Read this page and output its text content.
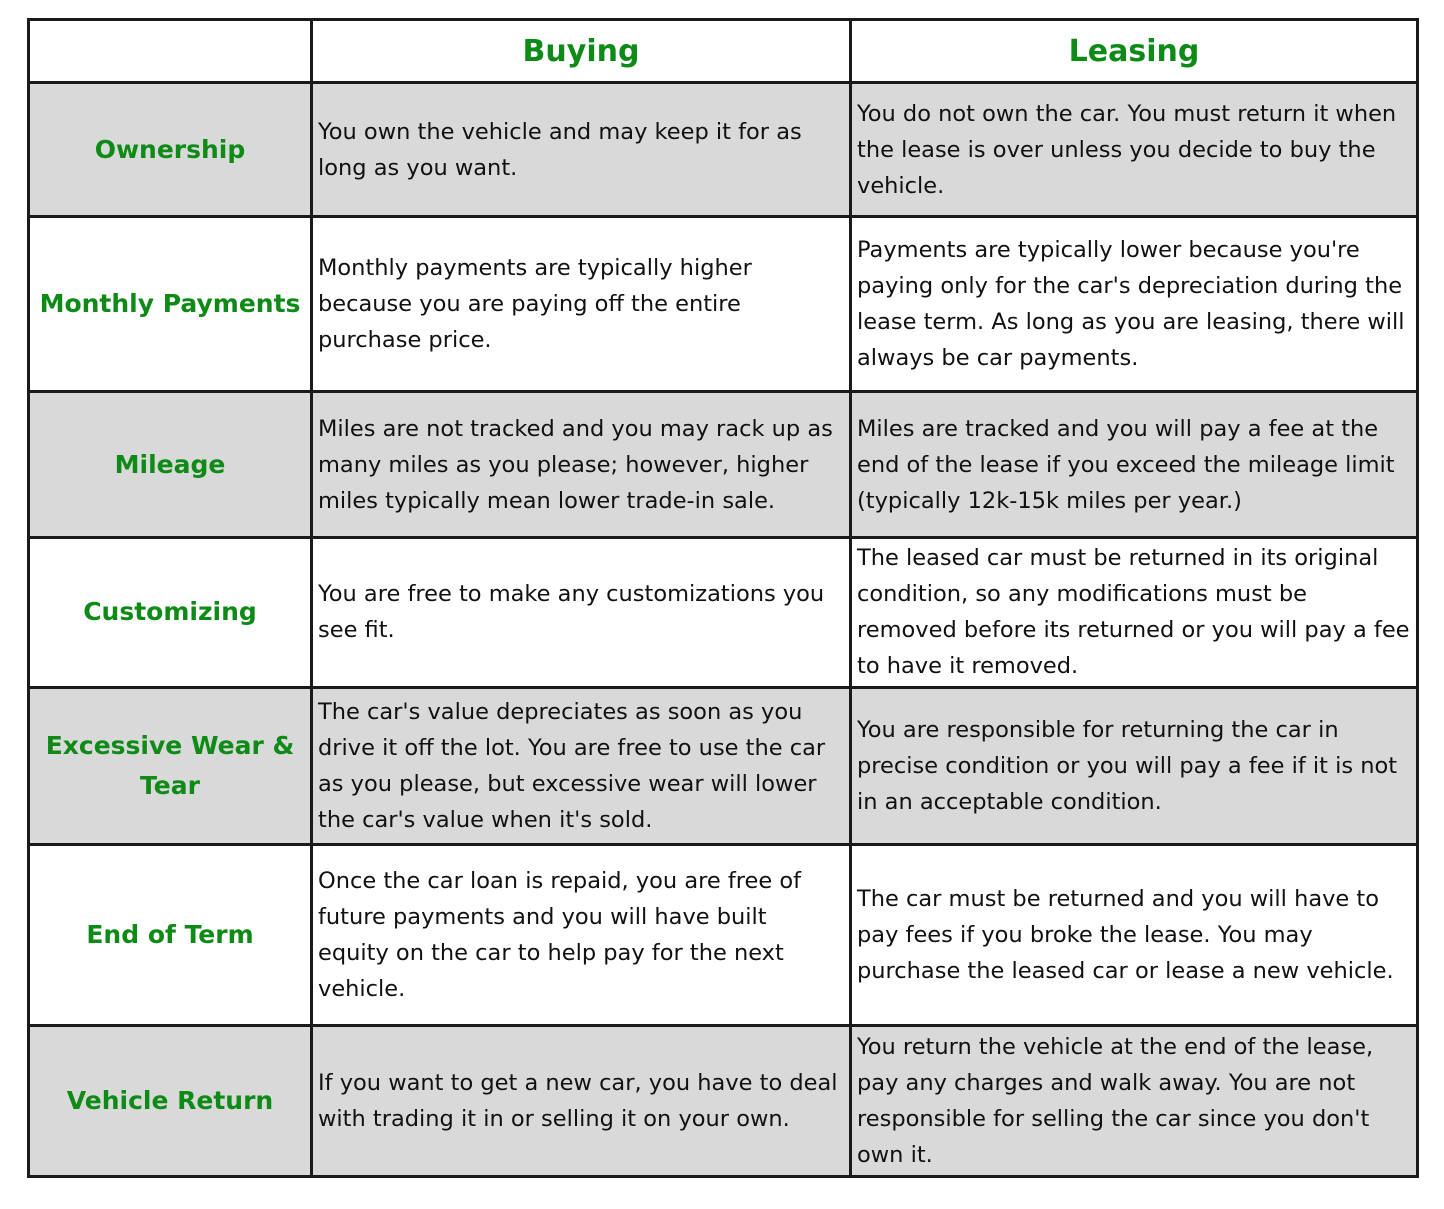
	Buying	Leasing

Ownership	You own the vehicle and may keep it for as long as you want.	You do not own the car. You must return it when the lease is over unless you decide to buy the vehicle.

Monthly Payments	Monthly payments are typically higher because you are paying off the entire purchase price.	Payments are typically lower because you're paying only for the car's depreciation during the lease term. As long as you are leasing, there will always be car payments.

Mileage	Miles are not tracked and you may rack up as many miles as you please; however, higher miles typically mean lower trade-in sale.	Miles are tracked and you will pay a fee at the end of the lease if you exceed the mileage limit (typically 12k-15k miles per year.)

Customizing	You are free to make any customizations you see fit.	The leased car must be returned in its original condition, so any modifications must be removed before its returned or you will pay a fee to have it removed.

Excessive Wear & Tear	The car's value depreciates as soon as you drive it off the lot. You are free to use the car as you please, but excessive wear will lower the car's value when it's sold.	You are responsible for returning the car in precise condition or you will pay a fee if it is not in an acceptable condition.

End of Term	Once the car loan is repaid, you are free of future payments and you will have built equity on the car to help pay for the next vehicle.	The car must be returned and you will have to pay fees if you broke the lease. You may purchase the leased car or lease a new vehicle.

Vehicle Return	If you want to get a new car, you have to deal with trading it in or selling it on your own.	You return the vehicle at the end of the lease, pay any charges and walk away. You are not responsible for selling the car since you don't own it.
